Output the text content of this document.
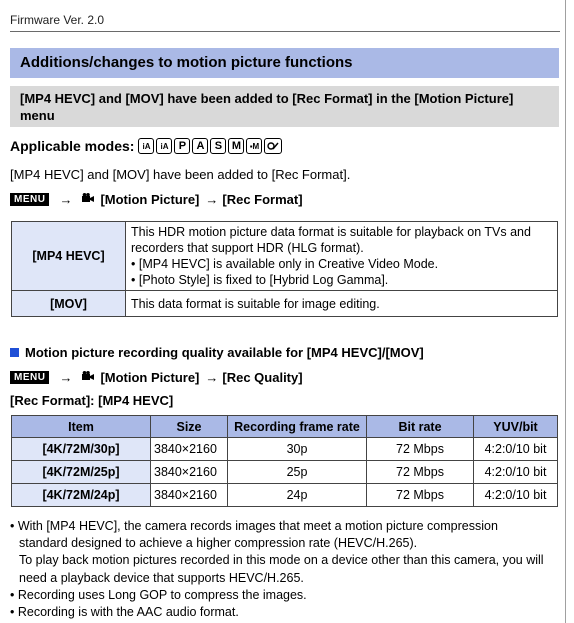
Firmware Ver. 2.0
Additions/changes to motion picture functions
[MP4 HEVC] and [MOV] have been added to [Rec Format] in the [Motion Picture] menu
Applicable modes:	iA	iA P A S M	▪M
[MP4 HEVC] and [MOV] have been added to [Rec Format].
MENU	→ [Motion Picture] → [Rec Format]
[MP4 HEVC]	This HDR motion picture data format is suitable for playback on TVs and
recorders that support HDR (HLG format).
• [MP4 HEVC] is available only in Creative Video Mode.
• [Photo Style] is fixed to [Hybrid Log Gamma].

[MOV]	This data format is suitable for image editing.
Motion picture recording quality available for [MP4 HEVC]/[MOV]
MENU	→ [Motion Picture] → [Rec Quality]
[Rec Format]: [MP4 HEVC]
Item	Size	Recording frame rate	Bit rate	YUV/bit
[4K/72M/30p]	3840×2160	30p	72 Mbps	4:2:0/10 bit
[4K/72M/25p]	3840×2160	25p	72 Mbps	4:2:0/10 bit
[4K/72M/24p]	3840×2160	24p	72 Mbps	4:2:0/10 bit
• With [MP4 HEVC], the camera records images that meet a motion picture compression
standard designed to achieve a higher compression rate (HEVC/H.265).
To play back motion pictures recorded in this mode on a device other than this camera, you will
need a playback device that supports HEVC/H.265.
• Recording uses Long GOP to compress the images.
• Recording is with the AAC audio format.
